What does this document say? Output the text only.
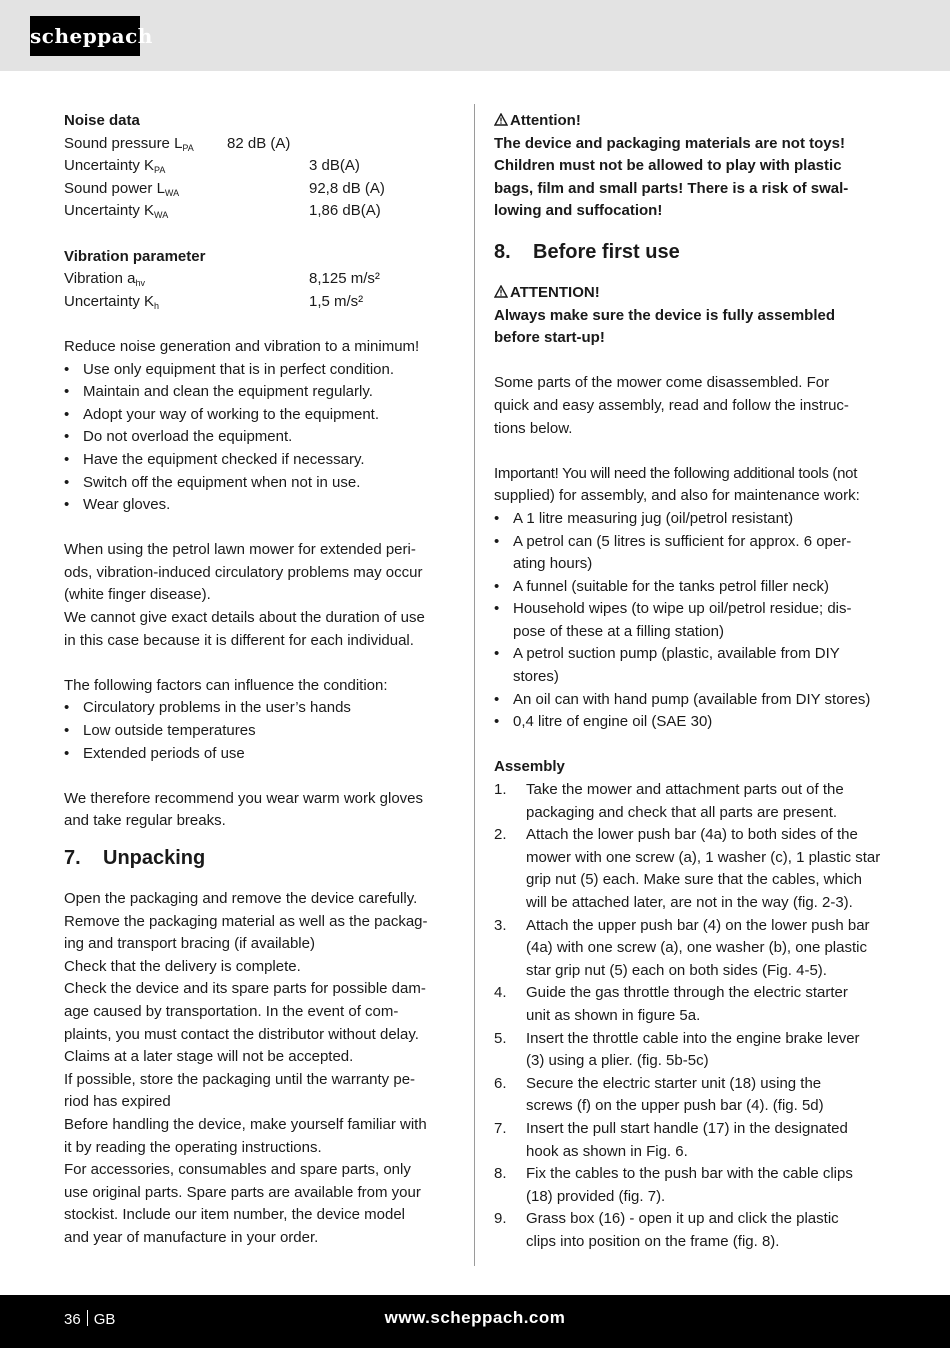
scheppach
Noise data
Sound pressure $L_{PA}$ 82 dB (A)
Uncertainty $K_{PA}$	3 dB(A)
Sound power $L_{WA}$	92,8 dB (A)
Uncertainty $K_{WA}$	1,86 dB(A)
Vibration parameter
Vibration $a_{hv}$	8,125 m/s²
Uncertainty $K_h$	1,5 m/s²
Reduce noise generation and vibration to a minimum!
• Use only equipment that is in perfect condition.
• Maintain and clean the equipment regularly.
• Adopt your way of working to the equipment.
• Do not overload the equipment.
• Have the equipment checked if necessary.
• Switch off the equipment when not in use.
• Wear gloves.
When using the petrol lawn mower for extended peri-
ods, vibration-induced circulatory problems may occur
(white finger disease).
We cannot give exact details about the duration of use
in this case because it is different for each individual.
The following factors can influence the condition:
• Circulatory problems in the user’s hands
• Low outside temperatures
• Extended periods of use
We therefore recommend you wear warm work gloves
and take regular breaks.
7. Unpacking
Open the packaging and remove the device carefully.
Remove the packaging material as well as the packag-
ing and transport bracing (if available)
Check that the delivery is complete.
Check the device and its spare parts for possible dam-
age caused by transportation. In the event of com-
plaints, you must contact the distributor without delay.
Claims at a later stage will not be accepted.
If possible, store the packaging until the warranty pe-
riod has expired
Before handling the device, make yourself familiar with
it by reading the operating instructions.
For accessories, consumables and spare parts, only
use original parts. Spare parts are available from your
stockist. Include our item number, the device model
and year of manufacture in your order.
Attention!
The device and packaging materials are not toys!
Children must not be allowed to play with plastic
bags, film and small parts! There is a risk of swal-
lowing and suffocation!
8. Before first use
ATTENTION!
Always make sure the device is fully assembled
before start-up!
Some parts of the mower come disassembled. For
quick and easy assembly, read and follow the instruc-
tions below.
Important! You will need the following additional tools (not
supplied) for assembly, and also for maintenance work:
• A 1 litre measuring jug (oil/petrol resistant)
• A petrol can (5 litres is sufficient for approx. 6 oper-
ating hours)
• A funnel (suitable for the tanks petrol filler neck)
• Household wipes (to wipe up oil/petrol residue; dis-
pose of these at a filling station)
• A petrol suction pump (plastic, available from DIY
stores)
• An oil can with hand pump (available from DIY stores)
• 0,4 litre of engine oil (SAE 30)
Assembly
1. Take the mower and attachment parts out of the
packaging and check that all parts are present.
2. Attach the lower push bar (4a) to both sides of the
mower with one screw (a), 1 washer (c), 1 plastic star
grip nut (5) each. Make sure that the cables, which
will be attached later, are not in the way (fig. 2-3).
3. Attach the upper push bar (4) on the lower push bar
(4a) with one screw (a), one washer (b), one plastic
star grip nut (5) each on both sides (Fig. 4-5).
4. Guide the gas throttle through the electric starter
unit as shown in figure 5a.
5. Insert the throttle cable into the engine brake lever
(3) using a plier. (fig. 5b-5c)
6. Secure the electric starter unit (18) using the
screws (f) on the upper push bar (4). (fig. 5d)
7. Insert the pull start handle (17) in the designated
hook as shown in Fig. 6.
8. Fix the cables to the push bar with the cable clips
(18) provided (fig. 7).
9. Grass box (16) - open it up and click the plastic
clips into position on the frame (fig. 8).
36 GB	www.scheppach.com
